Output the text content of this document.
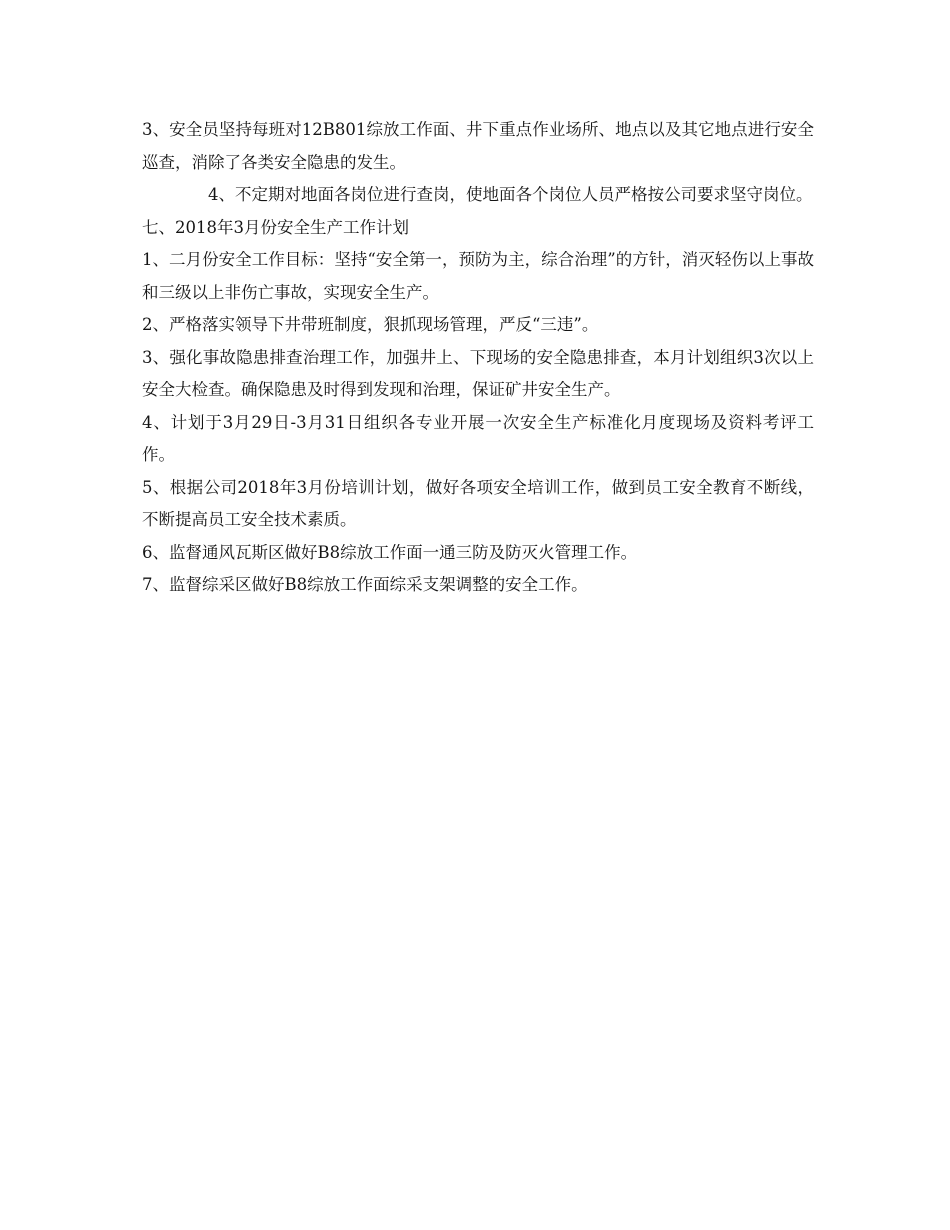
3、安全员坚持每班对12B801综放工作面、井下重点作业场所、地点以及其它地点进行安全巡查，消除了各类安全隐患的发生。

4、不定期对地面各岗位进行查岗，使地面各个岗位人员严格按公司要求坚守岗位。

七、2018年3月份安全生产工作计划

1、二月份安全工作目标：坚持“安全第一，预防为主，综合治理”的方针，消灭轻伤以上事故和三级以上非伤亡事故，实现安全生产。

2、严格落实领导下井带班制度，狠抓现场管理，严反“三违”。

3、强化事故隐患排查治理工作，加强井上、下现场的安全隐患排查，本月计划组织3次以上安全大检查。确保隐患及时得到发现和治理，保证矿井安全生产。

4、计划于3月29日-3月31日组织各专业开展一次安全生产标准化月度现场及资料考评工作。

5、根据公司2018年3月份培训计划，做好各项安全培训工作，做到员工安全教育不断线，不断提高员工安全技术素质。

6、监督通风瓦斯区做好B8综放工作面一通三防及防灭火管理工作。

7、监督综采区做好B8综放工作面综采支架调整的安全工作。
